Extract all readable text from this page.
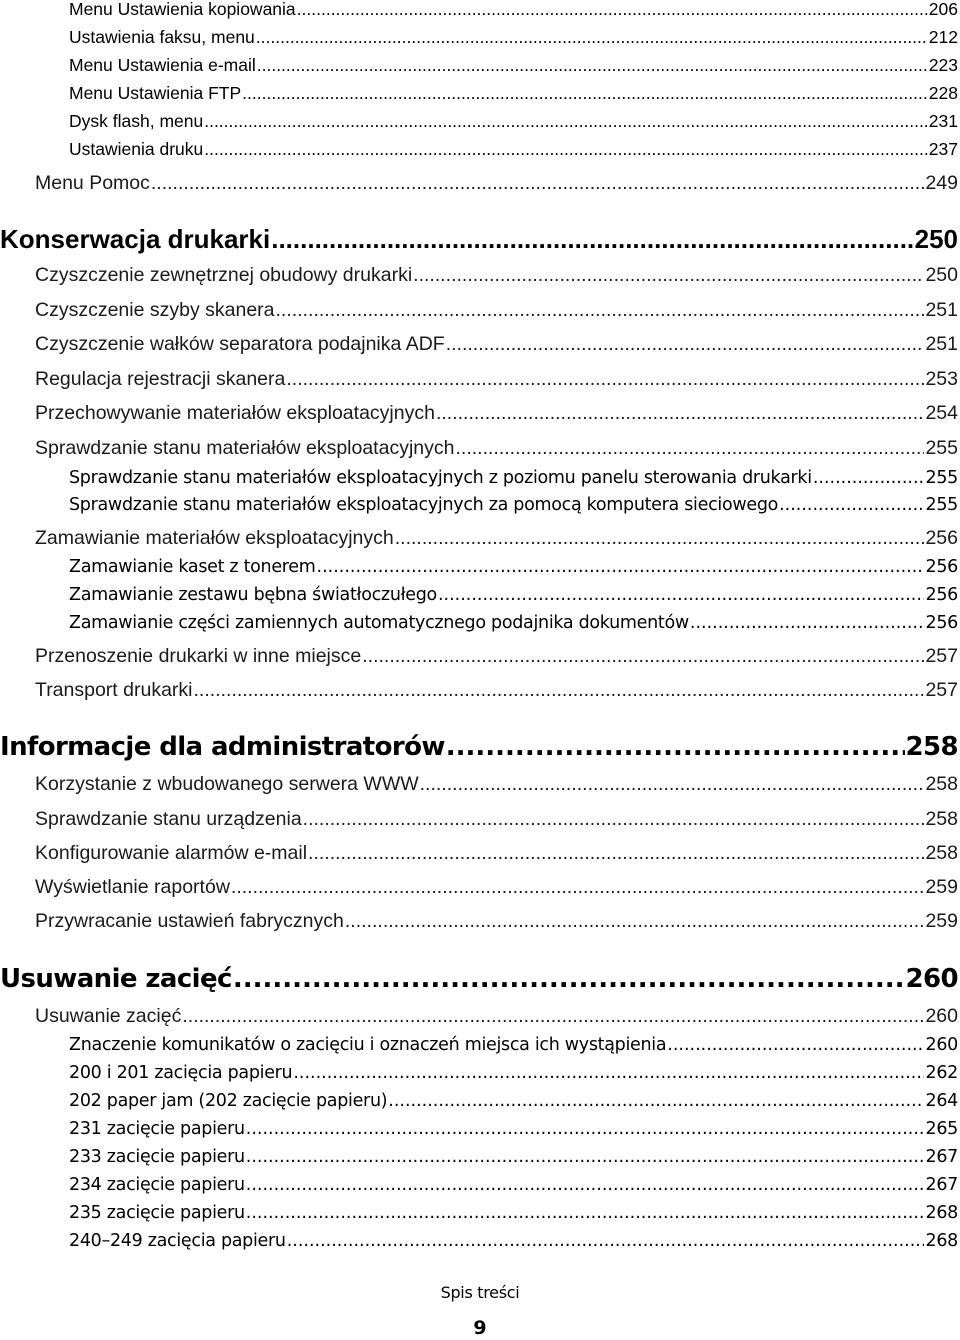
Menu Ustawienia kopiowania .....	206
Ustawienia faksu, menu .....	212
Menu Ustawienia e-mail .....	223
Menu Ustawienia FTP .....	228
Dysk flash, menu .....	231
Ustawienia druku .....	237
Menu Pomoc .....	249
Konserwacja drukarki .....	250
Czyszczenie zewnętrznej obudowy drukarki .....	250
Czyszczenie szyby skanera .....	251
Czyszczenie wałków separatora podajnika ADF .....	251
Regulacja rejestracji skanera .....	253
Przechowywanie materiałów eksploatacyjnych .....	254
Sprawdzanie stanu materiałów eksploatacyjnych .....	255
Sprawdzanie stanu materiałów eksploatacyjnych z poziomu panelu sterowania drukarki .....	255
Sprawdzanie stanu materiałów eksploatacyjnych za pomocą komputera sieciowego .....	255
Zamawianie materiałów eksploatacyjnych .....	256
Zamawianie kaset z tonerem .....	256
Zamawianie zestawu bębna światłoczułego .....	256
Zamawianie części zamiennych automatycznego podajnika dokumentów .....	256
Przenoszenie drukarki w inne miejsce .....	257
Transport drukarki .....	257
Informacje dla administratorów .....	258
Korzystanie z wbudowanego serwera WWW .....	258
Sprawdzanie stanu urządzenia .....	258
Konfigurowanie alarmów e-mail .....	258
Wyświetlanie raportów .....	259
Przywracanie ustawień fabrycznych .....	259
Usuwanie zacięć .....	260
Usuwanie zacięć .....	260
Znaczenie komunikatów o zacięciu i oznaczeń miejsca ich wystąpienia .....	260
200 i 201 zacięcia papieru .....	262
202 paper jam (202 zacięcie papieru) .....	264
231 zacięcie papieru .....	265
233 zacięcie papieru .....	267
234 zacięcie papieru .....	267
235 zacięcie papieru .....	268
240–249 zacięcia papieru .....	268
Spis treści
9
